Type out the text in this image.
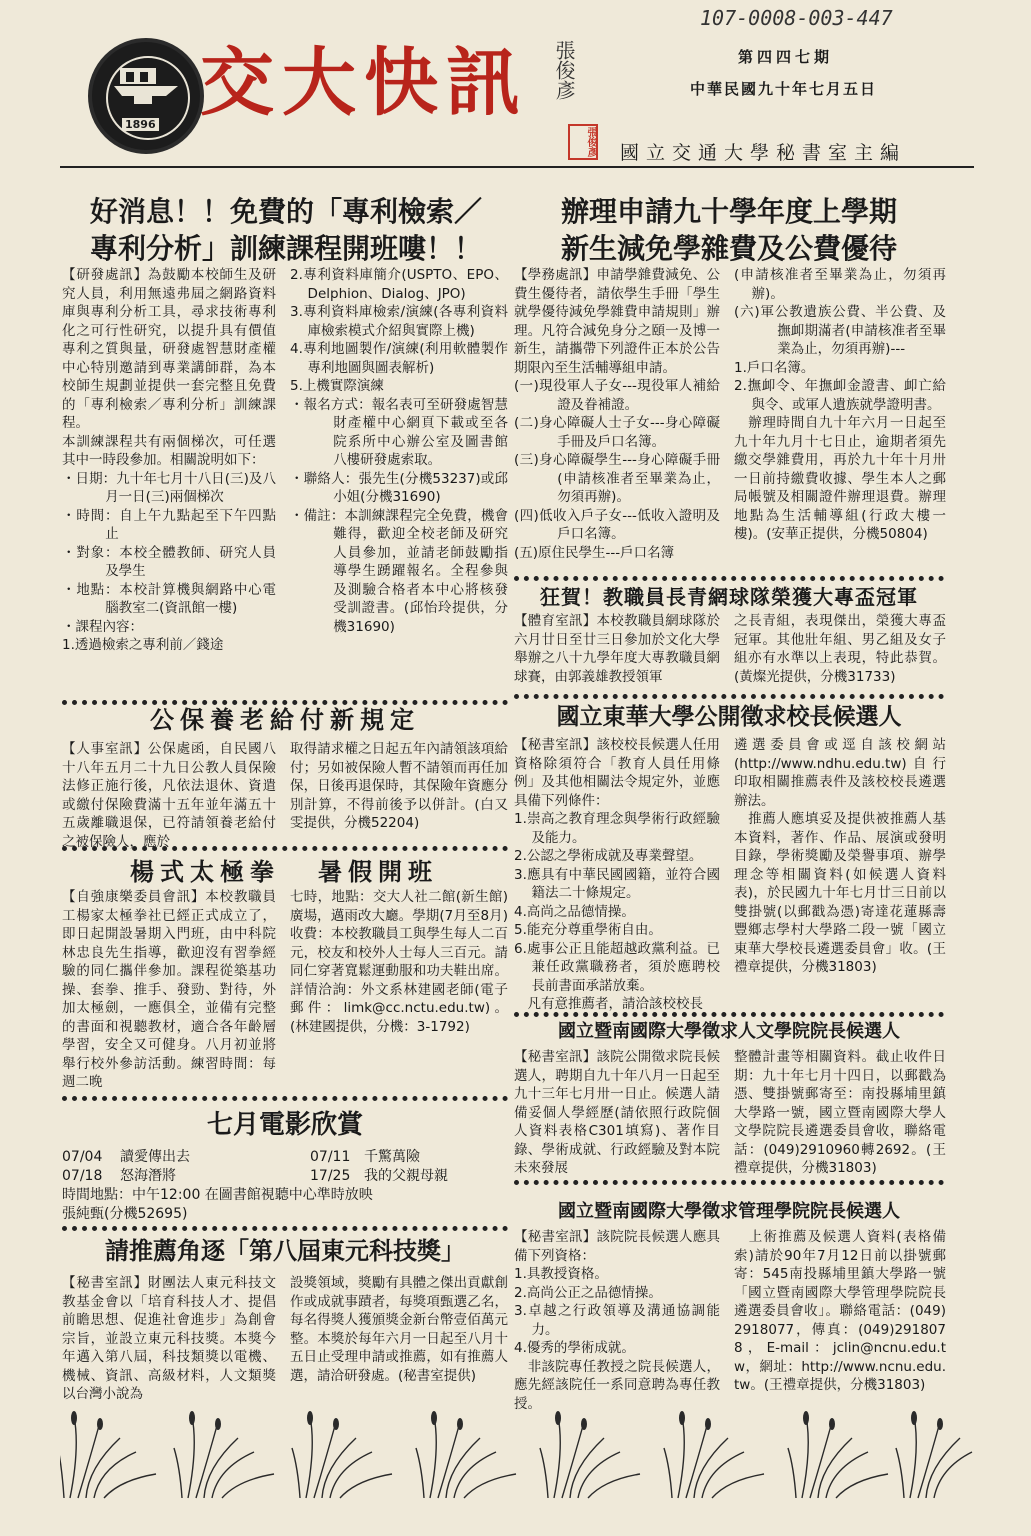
107-0008-003-447
1896 交大快訊 張俊彥
張俊彥
第四四七期
中華民國九十年七月五日
國立交通大學秘書室主編
好消息！！免費的「專利檢索／
專利分析」訓練課程開班嘍！！

【研發處訊】為鼓勵本校師生及研究人員，利用無遠弗屆之網路資料庫與專利分析工具，尋求技術專利化之可行性研究，以提升具有價值專利之質與量，研發處智慧財產權中心特別邀請到專業講師群，為本校師生規劃並提供一套完整且免費的「專利檢索／專利分析」訓練課程。

本訓練課程共有兩個梯次，可任選其中一時段參加。相關說明如下：

・日期：九十年七月十八日(三)及八月一日(三)兩個梯次

・時間：自上午九點起至下午四點止

・對象：本校全體教師、研究人員及學生

・地點：本校計算機與網路中心電腦教室二(資訊館一樓)

・課程內容：

1.透過檢索之專利前／錢途

2.專利資料庫簡介(USPTO、EPO、Delphion、Dialog、JPO)

3.專利資料庫檢索/演練(各專利資料庫檢索模式介紹與實際上機)

4.專利地圖製作/演練(利用軟體製作專利地圖與圖表解析)

5.上機實際演練

・報名方式：報名表可至研發處智慧財產權中心網頁下載或至各院系所中心辦公室及圖書館八樓研發處索取。

・聯絡人：張先生(分機53237)或邱小姐(分機31690)

・備註：本訓練課程完全免費，機會難得，歡迎全校老師及研究人員參加，並請老師鼓勵指導學生踴躍報名。全程參與及測驗合格者本中心將核發受訓證書。(邱怡玲提供，分機31690)

公保養老給付新規定

【人事室訊】公保處函，自民國八十八年五月二十九日公教人員保險法修正施行後，凡依法退休、資遣或繳付保險費滿十五年並年滿五十五歲離職退保，已符請領養老給付之被保險人，應於

取得請求權之日起五年內請領該項給付；另如被保險人暫不請領而再任加保，日後再退保時，其保險年資應分別計算，不得前後予以併計。(白又雯提供，分機52204)

楊式太極拳 暑假開班

【自強康樂委員會訊】本校教職員工楊家太極拳社已經正式成立了，即日起開設暑期入門班，由中科院林忠良先生指導，歡迎沒有習拳經驗的同仁攜伴參加。課程從築基功操、套拳、推手、發勁、對待，外加太極劍，一應俱全，並備有完整的書面和視聽教材，適合各年齡層學習，安全又可健身。八月初並將舉行校外參訪活動。練習時間：每週二晚

七時，地點：交大人社二館(新生館)廣場，邁雨改大廳。學期(7月至8月)收費：本校教職員工與學生每人二百元，校友和校外人士每人三百元。請同仁穿著寬鬆運動服和功夫鞋出席。詳情洽詢：外文系林建國老師(電子郵件：limk@cc.nctu.edu.tw)。(林建國提供，分機：3-1792)

七月電影欣賞
07/04 讀愛傳出去	07/11 千驚萬險
07/18 怒海潛將	17/25 我的父親母親
時間地點：中午12:00 在圖書館視聽中心準時放映
張純甄(分機52695)
請推薦角逐「第八屆東元科技獎」

【秘書室訊】財團法人東元科技文教基金會以「培育科技人才、提倡前瞻思想、促進社會進步」為創會宗旨，並設立東元科技獎。本獎今年邁入第八屆，科技類獎以電機、機械、資訊、高級材料，人文類獎以台灣小說為

設獎領域，獎勵有具體之傑出貢獻創作或成就事蹟者，每獎項甄選乙名，每名得獎人獲頒獎金新台幣壹佰萬元整。本獎於每年六月一日起至八月十五日止受理申請或推薦，如有推薦人選，請洽研發處。(秘書室提供)

辦理申請九十學年度上學期
新生減免學雜費及公費優待

【學務處訊】申請學雜費減免、公費生優待者，請依學生手冊「學生就學優待減免學雜費申請規則」辦理。凡符合減免身分之頤一及博一新生，請攜帶下列證件正本於公告期限內至生活輔導組申請。

(一)現役軍人子女---現役軍人補給證及眷補證。

(二)身心障礙人士子女---身心障礙手冊及戶口名簿。

(三)身心障礙學生---身心障礙手冊(申請核准者至畢業為止，勿須再辦)。

(四)低收入戶子女---低收入證明及戶口名簿。

(五)原住民學生---戶口名簿

(申請核准者至畢業為止，勿須再辦)。

(六)軍公教遺族公費、半公費、及撫卹期滿者(申請核准者至畢業為止，勿須再辦)---

1.戶口名簿。

2.撫卹令、年撫卹金證書、卹亡給與令、或軍人遺族就學證明書。

　辦理時間自九十年六月一日起至九十年九月十七日止，逾期者須先繳交學雜費用，再於九十年十月卅一日前持繳費收據、學生本人之郵局帳號及相關證件辦理退費。辦理地點為生活輔導組(行政大樓一樓)。(安華正提供，分機50804)

狂賀！教職員長青網球隊榮獲大專盃冠軍

【體育室訊】本校教職員網球隊於六月廿日至廿三日參加於文化大學舉辦之八十九學年度大專教職員網球賽，由郭義雄教授領軍

之長青組，表現傑出，榮獲大專盃冠軍。其他壯年組、男乙組及女子組亦有水準以上表現，特此恭賀。(黃燦光提供，分機31733)

國立東華大學公開徵求校長候選人

【秘書室訊】該校校長候選人任用資格除須符合「教育人員任用條例」及其他相關法令規定外，並應具備下列條件：

1.崇高之教育理念與學術行政經驗及能力。

2.公認之學術成就及專業聲望。

3.應具有中華民國國籍，並符合國籍法二十條規定。

4.高尚之品德情操。

5.能充分尊重學術自由。

6.處事公正且能超越政黨利益。已兼任政黨職務者，須於應聘校長前書面承諾放棄。

　凡有意推薦者，請洽該校校長

遴選委員會或逕自該校網站(http://www.ndhu.edu.tw)自行印取相關推薦表件及該校校長遴選辦法。

　推薦人應填妥及提供被推薦人基本資料，著作、作品、展演或發明目錄，學術獎勵及榮譽事項、辦學理念等相關資料(如候選人資料表)，於民國九十年七月廿三日前以雙掛號(以郵戳為憑)寄達花蓮縣壽豐鄉志學村大學路二段一號「國立東華大學校長遴選委員會」收。(王禮章提供，分機31803)

國立暨南國際大學徵求人文學院院長候選人

【秘書室訊】該院公開徵求院長候選人，聘期自九十年八月一日起至九十三年七月卅一日止。候選人請備妥個人學經歷(請依照行政院個人資料表格C301填寫)、著作目錄、學術成就、行政經驗及對本院未來發展

整體計畫等相關資料。截止收件日期：九十年七月十四日，以郵戳為憑、雙掛號郵寄至：南投縣埔里鎮大學路一號，國立暨南國際大學人文學院院長遴選委員會收，聯絡電話：(049)2910960轉2692。(王禮章提供，分機31803)

國立暨南國際大學徵求管理學院院長候選人

【秘書室訊】該院院長候選人應具備下列資格：

1.具教授資格。

2.高尚公正之品德情操。

3.卓越之行政領導及溝通協調能力。

4.優秀的學術成就。

　非該院專任教授之院長候選人，應先經該院任一系同意聘為專任教授。

　上術推薦及候選人資料(表格備索)請於90年7月12日前以掛號郵寄：545南投縣埔里鎮大學路一號「國立暨南國際大學管理學院院長遴選委員會收」。聯絡電話：(049)2918077，傳真：(049)2918078，E-mail：jclin@ncnu.edu.tw，網址：http://www.ncnu.edu.tw。(王禮章提供，分機31803)
